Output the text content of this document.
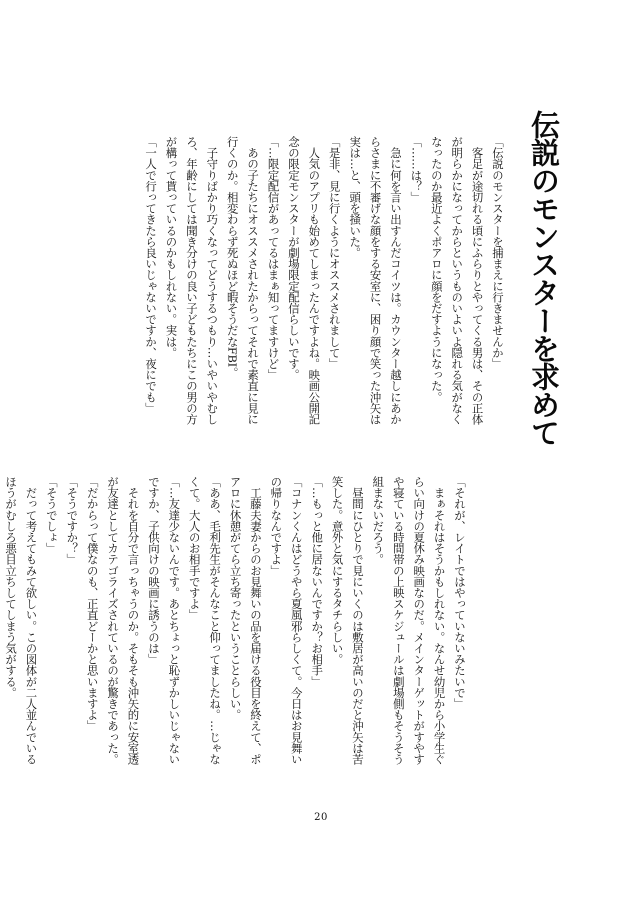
伝説のモンスターを求めて

「伝説のモンスターを捕まえに行きませんか」

　客足が途切れる頃にふらりとやってくる男は、その正体

が明らかになってからというものいよいよ隠れる気がなく

なったのか最近よくポアロに顔をだすようになった。

「……は？」

　急に何を言い出すんだコイツは。カウンター越しにあか

らさまに不審げな顔をする安室に、困り顔で笑った沖矢は

実は…と、頭を掻いた。

「是非、見に行くようにオススメされまして」

　人気のアプリも始めてしまったんですよね。映画公開記

念の限定モンスターが劇場限定配信らしいです。

「…限定配信があってるはまぁ知ってますけど」

　あの子たちにオススメされたからってそれで素直に見に

行くのか。相変わらず死ぬほど暇そうだなFBI。

　子守りばかり巧くなってどうするつもり…いやいやむし

ろ、年齢にしては聞き分けの良い子どもたちにこの男の方

が構って貰っているのかもしれない。実は。

「一人で行ってきたら良いじゃないですか、夜にでも」

「それが、レイトではやっていないみたいで」

　まぁそれはそうかもしれない。なんせ幼児から小学生ぐ

らい向けの夏休み映画なのだ。メインターゲットがすやす

や寝ている時間帯の上映スケジュールは劇場側もそうそう

組まないだろう。

　昼間にひとりで見にいくのは敷居が高いのだと沖矢は苦

笑した。意外と気にするタチらしい。

「…もっと他に居ないんですか？お相手」

「コナンくんはどうやら夏風邪らしくて。今日はお見舞い

の帰りなんですよ」

　工藤夫妻からのお見舞いの品を届ける役目を終えて、ポ

アロに休憩がてら立ち寄ったということらしい。

「ああ、毛利先生がそんなこと仰ってましたね。…じゃな

くて。大人のお相手ですよ」

「…友達少ないんです。あとちょっと恥ずかしいじゃない

ですか、子供向けの映画に誘うのは」

　それを自分で言っちゃうのか。そもそも沖矢的に安室透

が友達としてカテゴライズされているのが驚きであった。

「だからって僕なのも、正直どーかと思いますよ」

「そうですか？」

「そうでしょ」

　だって考えてもみて欲しい。この図体が二人並んでいる

ほうがむしろ悪目立ちしてしまう気がする。

20
